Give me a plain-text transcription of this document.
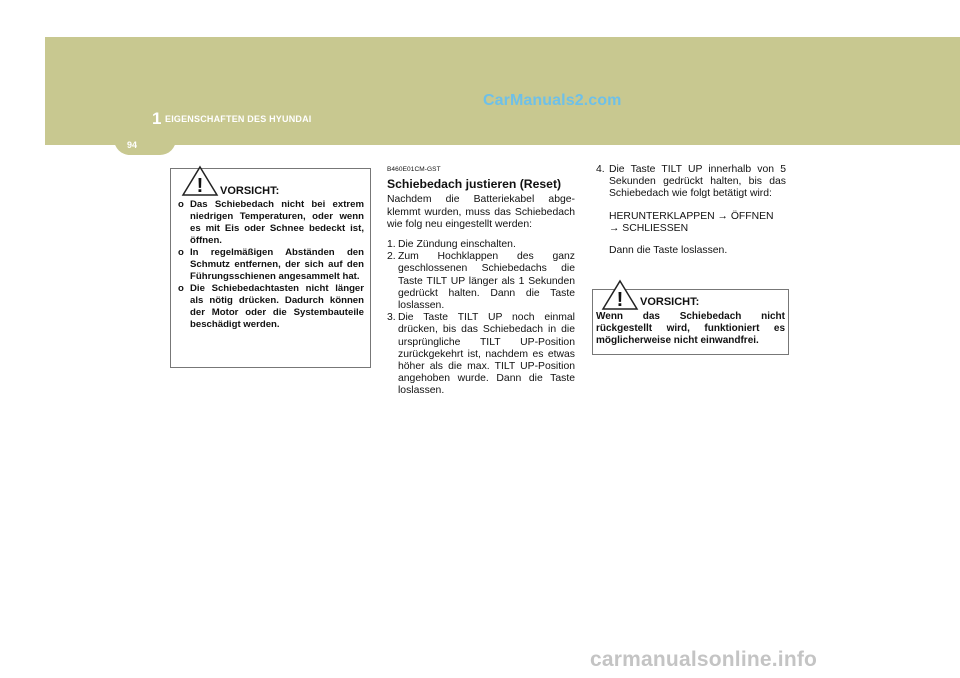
CarManuals2.com
1 EIGENSCHAFTEN DES HYUNDAI
94
! VORSICHT:
o Das Schiebedach nicht bei extrem niedrigen Temperaturen, oder wenn es mit Eis oder Schnee bedeckt ist, öffnen.
o In regelmäßigen Abständen den Schmutz entfernen, der sich auf den Führungsschienen angesammelt hat.
o Die Schiebedachtasten nicht länger als nötig drücken. Dadurch können der Motor oder die Systembauteile beschädigt werden.
B460E01CM-GST
Schiebedach justieren (Reset)

Nachdem die Batteriekabel abge- klemmt wurden, muss das Schiebedach wie folg neu eingestellt werden:

1. Die Zündung einschalten.
2. Zum Hochklappen des ganz geschlossenen Schiebedachs die Taste TILT UP länger als 1 Sekunden gedrückt halten. Dann die Taste loslassen.
3. Die Taste TILT UP noch einmal drücken, bis das Schiebedach in die ursprüngliche TILT UP-Position zurückgekehrt ist, nachdem es etwas höher als die max. TILT UP-Position angehoben wurde. Dann die Taste loslassen.
4. Die Taste TILT UP innerhalb von 5 Sekunden gedrückt halten, bis das Schiebedach wie folgt betätigt wird:
HERUNTERKLAPPEN → ÖFFNEN → SCHLIESSEN
Dann die Taste loslassen.
! VORSICHT:
Wenn das Schiebedach nicht rückgestellt wird, funktioniert es möglicherweise nicht einwandfrei.
carmanualsonline.info
